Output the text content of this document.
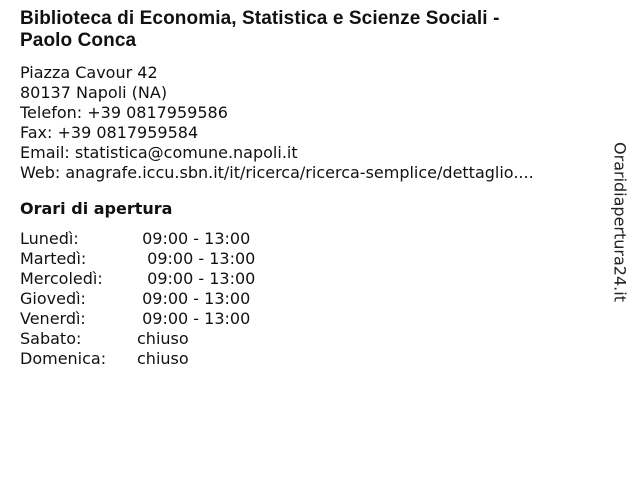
Biblioteca di Economia, Statistica e Scienze Sociali -
Paolo Conca
Piazza Cavour 42
80137 Napoli (NA)
Telefon: +39 0817959586
Fax: +39 0817959584
Email: statistica@comune.napoli.it
Web: anagrafe.iccu.sbn.it/it/ricerca/ricerca-semplice/dettaglio....
Orari di apertura
Lunedì:	09:00 - 13:00
Martedì:	09:00 - 13:00
Mercoledì:	09:00 - 13:00
Giovedì:	09:00 - 13:00
Venerdì:	09:00 - 13:00
Sabato:	chiuso
Domenica:	chiuso
Oraridiapertura24.it
